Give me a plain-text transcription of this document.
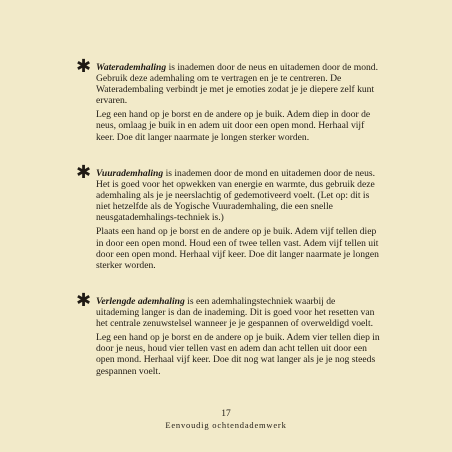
✱ Waterademhaling is inademen door de neus en uitademen door de mond. Gebruik deze ademhaling om te vertragen en je te centreren. De Wateradembaling verbindt je met je emoties zodat je je diepere zelf kunt ervaren.

Leg een hand op je borst en de andere op je buik. Adem diep in door de neus, omlaag je buik in en adem uit door een open mond. Herhaal vijf keer. Doe dit langer naarmate je longen sterker worden.

✱ Vuurademhaling is inademen door de mond en uitademen door de neus. Het is goed voor het opwekken van energie en warmte, dus gebruik deze ademhaling als je je neerslachtig of gedemotiveerd voelt. (Let op: dit is niet hetzelfde als de Yogische Vuurademhaling, die een snelle neusgatademhalings-techniek is.)

Plaats een hand op je borst en de andere op je buik. Adem vijf tellen diep in door een open mond. Houd een of twee tellen vast. Adem vijf tellen uit door een open mond. Herhaal vijf keer. Doe dit langer naarmate je longen sterker worden.

✱ Verlengde ademhaling is een ademhalingstechniek waarbij de uitademing langer is dan de inademing. Dit is goed voor het resetten van het centrale zenuwstelsel wanneer je je gespannen of overweldigd voelt.

Leg een hand op je borst en de andere op je buik. Adem vier tellen diep in door je neus, houd vier tellen vast en adem dan acht tellen uit door een open mond. Herhaal vijf keer. Doe dit nog wat langer als je je nog steeds gespannen voelt.

17
Eenvoudig ochtendademwerk
